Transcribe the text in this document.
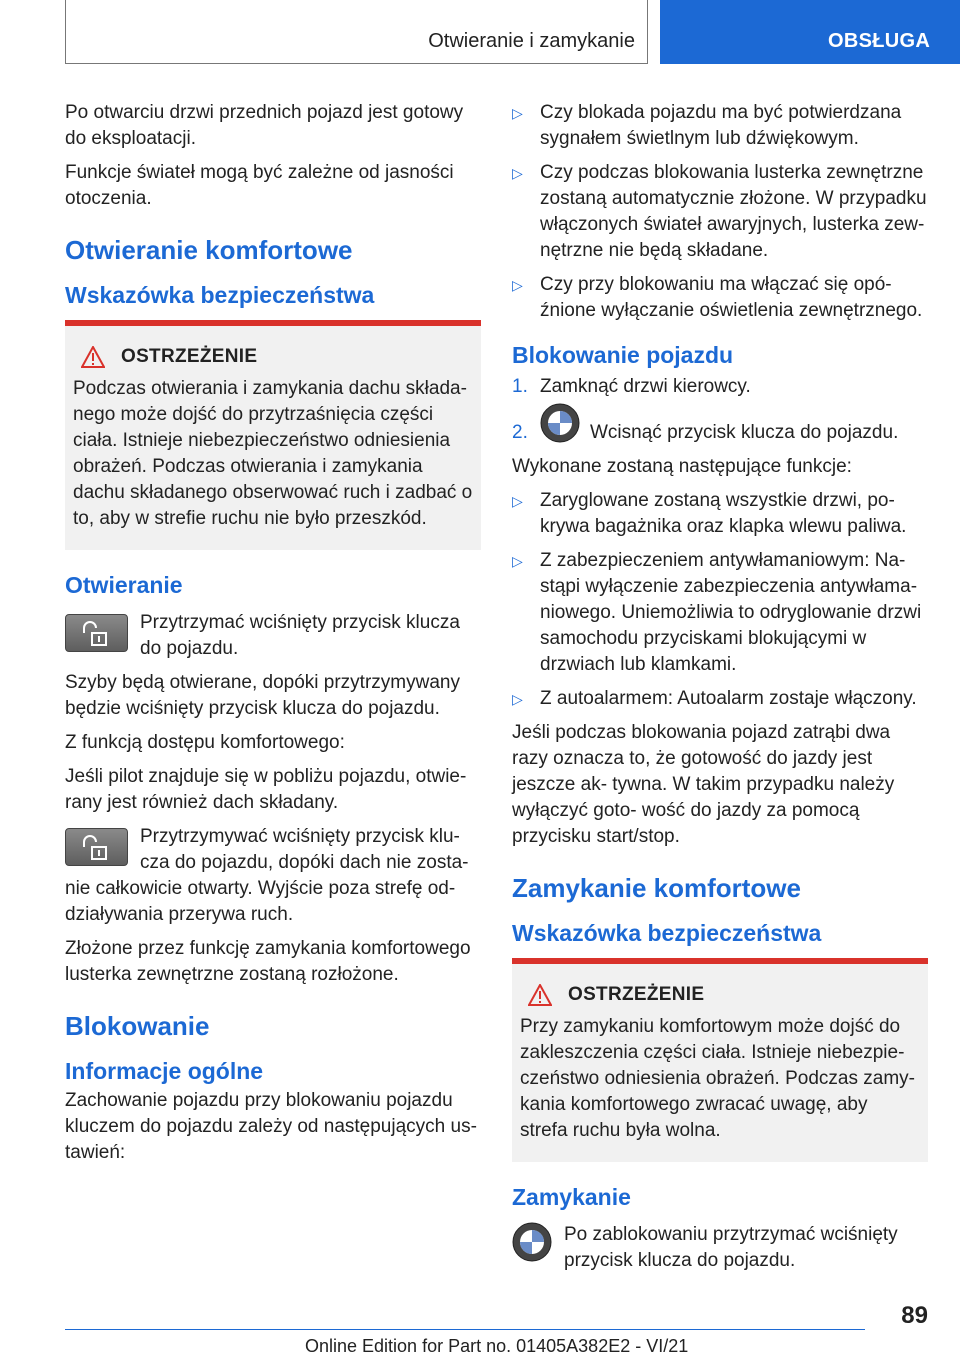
Otwieranie i zamykanie	OBSŁUGA

Po otwarciu drzwi przednich pojazd jest gotowy do eksploatacji.

Funkcje świateł mogą być zależne od jasności otoczenia.

Otwieranie komfortowe
Wskazówka bezpieczeństwa
OSTRZEŻENIE

Podczas otwierania i zamykania dachu składa- nego może dojść do przytrzaśnięcia części ciała. Istnieje niebezpieczeństwo odniesienia obrażeń. Podczas otwierania i zamykania dachu składanego obserwować ruch i zadbać o to, aby w strefie ruchu nie było przeszkód.

Otwieranie

Przytrzymać wciśnięty przycisk klucza do pojazdu.

Szyby będą otwierane, dopóki przytrzymywany będzie wciśnięty przycisk klucza do pojazdu.

Z funkcją dostępu komfortowego:

Jeśli pilot znajduje się w pobliżu pojazdu, otwie- rany jest również dach składany.

Przytrzymywać wciśnięty przycisk klu- cza do pojazdu, dopóki dach nie zosta- nie całkowicie otwarty. Wyjście poza strefę od- działywania przerywa ruch.

Złożone przez funkcję zamykania komfortowego lusterka zewnętrzne zostaną rozłożone.

Blokowanie
Informacje ogólne

Zachowanie pojazdu przy blokowaniu pojazdu kluczem do pojazdu zależy od następujących us- tawień:

▷ Czy blokada pojazdu ma być potwierdzana sygnałem świetlnym lub dźwiękowym.
▷ Czy podczas blokowania lusterka zewnętrzne zostaną automatycznie złożone. W przypadku włączonych świateł awaryjnych, lusterka zew- nętrzne nie będą składane.
▷ Czy przy blokowaniu ma włączać się opó- źnione wyłączanie oświetlenia zewnętrznego.
Blokowanie pojazdu
1. Zamknąć drzwi kierowcy.
2.	Wcisnąć przycisk klucza do pojazdu.

Wykonane zostaną następujące funkcje:

▷ Zaryglowane zostaną wszystkie drzwi, po- krywa bagażnika oraz klapka wlewu paliwa.
▷ Z zabezpieczeniem antywłamaniowym: Na- stąpi wyłączenie zabezpieczenia antywłama- niowego. Uniemożliwia to odryglowanie drzwi samochodu przyciskami blokującymi w drzwiach lub klamkami.
▷ Z autoalarmem: Autoalarm zostaje włączony.

Jeśli podczas blokowania pojazd zatrąbi dwa razy oznacza to, że gotowość do jazdy jest jeszcze ak- tywna. W takim przypadku należy wyłączyć goto- wość do jazdy za pomocą przycisku start/stop.

Zamykanie komfortowe
Wskazówka bezpieczeństwa
OSTRZEŻENIE

Przy zamykaniu komfortowym może dojść do zakleszczenia części ciała. Istnieje niebezpie- czeństwo odniesienia obrażeń. Podczas zamy- kania komfortowego zwracać uwagę, aby strefa ruchu była wolna.

Zamykanie

Po zablokowaniu przytrzymać wciśnięty przycisk klucza do pojazdu.

89
Online Edition for Part no. 01405A382E2 - VI/21
